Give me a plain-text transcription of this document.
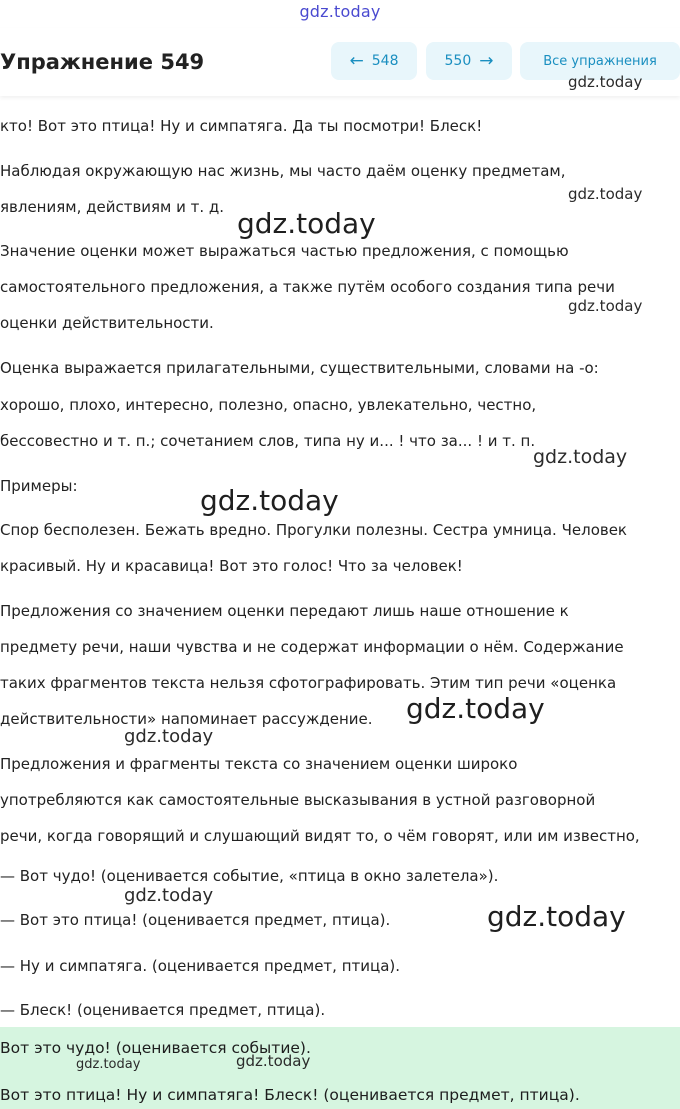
gdz.today
Упражнение 549	← 548	550 →	Все упражнения
кто! Вот это птица! Ну и симпатяга. Да ты посмотри! Блеск!
Наблюдая окружающую нас жизнь, мы часто даём оценку предметам,
явлениям, действиям и т. д.
Значение оценки может выражаться частью предложения, с помощью
самостоятельного предложения, а также путём особого создания типа речи
оценки действительности.
Оценка выражается прилагательными, существительными, словами на -о:
хорошо, плохо, интересно, полезно, опасно, увлекательно, честно,
бессовестно и т. п.; сочетанием слов, типа ну и... ! что за... ! и т. п.
Примеры:
Спор бесполезен. Бежать вредно. Прогулки полезны. Сестра умница. Человек
красивый. Ну и красавица! Вот это голос! Что за человек!
Предложения со значением оценки передают лишь наше отношение к
предмету речи, наши чувства и не содержат информации о нём. Содержание
таких фрагментов текста нельзя сфотографировать. Этим тип речи «оценка
действительности» напоминает рассуждение.
Предложения и фрагменты текста со значением оценки широко
употребляются как самостоятельные высказывания в устной разговорной
речи, когда говорящий и слушающий видят то, о чём говорят, или им известно,
— Вот чудо! (оценивается событие, «птица в окно залетела»).
— Вот это птица! (оценивается предмет, птица).
— Ну и симпатяга. (оценивается предмет, птица).
— Блеск! (оценивается предмет, птица).
Вот это чудо! (оценивается событие).
Вот это птица! Ну и симпатяга! Блеск! (оценивается предмет, птица).
gdz.today
gdz.today
gdz.today
gdz.today
gdz.today
gdz.today
gdz.today
gdz.today
gdz.today
gdz.today
gdz.today	gdz.today
